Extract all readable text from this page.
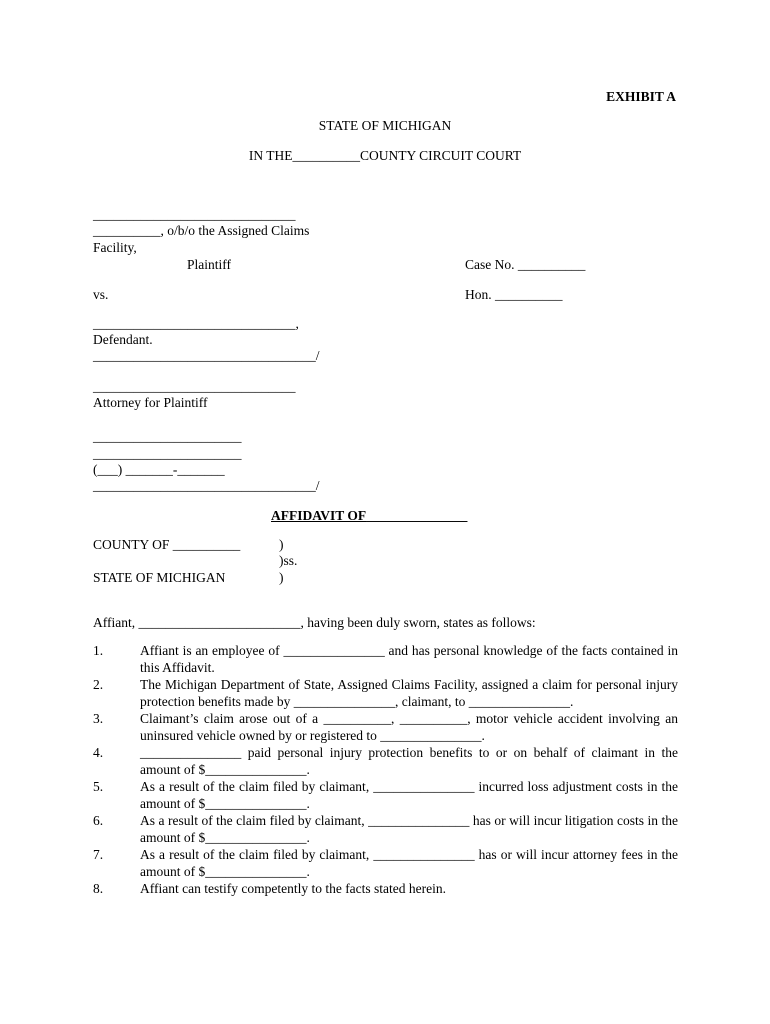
EXHIBIT A

STATE OF MICHIGAN

IN THE__________COUNTY CIRCUIT COURT

______________________________

__________, o/b/o the Assigned Claims

Facility,

Plaintiff	Case No. __________

vs.	Hon. __________

______________________________,

Defendant.

_________________________________/

______________________________

Attorney for Plaintiff

______________________

______________________

(___) _______-_______

_________________________________/

AFFIDAVIT OF_______________

COUNTY OF __________	)

)ss.

STATE OF MICHIGAN	)

Affiant, ________________________, having been duly sworn, states as follows:

1.	Affiant is an employee of _______________ and has personal knowledge of the facts contained in this Affidavit.
2.	The Michigan Department of State, Assigned Claims Facility, assigned a claim for personal injury protection benefits made by _______________, claimant, to _______________.
3.	Claimant’s claim arose out of a __________, __________, motor vehicle accident involving an uninsured vehicle owned by or registered to _______________.
4.	_______________ paid personal injury protection benefits to or on behalf of claimant in the amount of $_______________.
5.	As a result of the claim filed by claimant, _______________ incurred loss adjustment costs in the amount of $_______________.
6.	As a result of the claim filed by claimant, _______________ has or will incur litigation costs in the amount of $_______________.
7.	As a result of the claim filed by claimant, _______________ has or will incur attorney fees in the amount of $_______________.
8.	Affiant can testify competently to the facts stated herein.
